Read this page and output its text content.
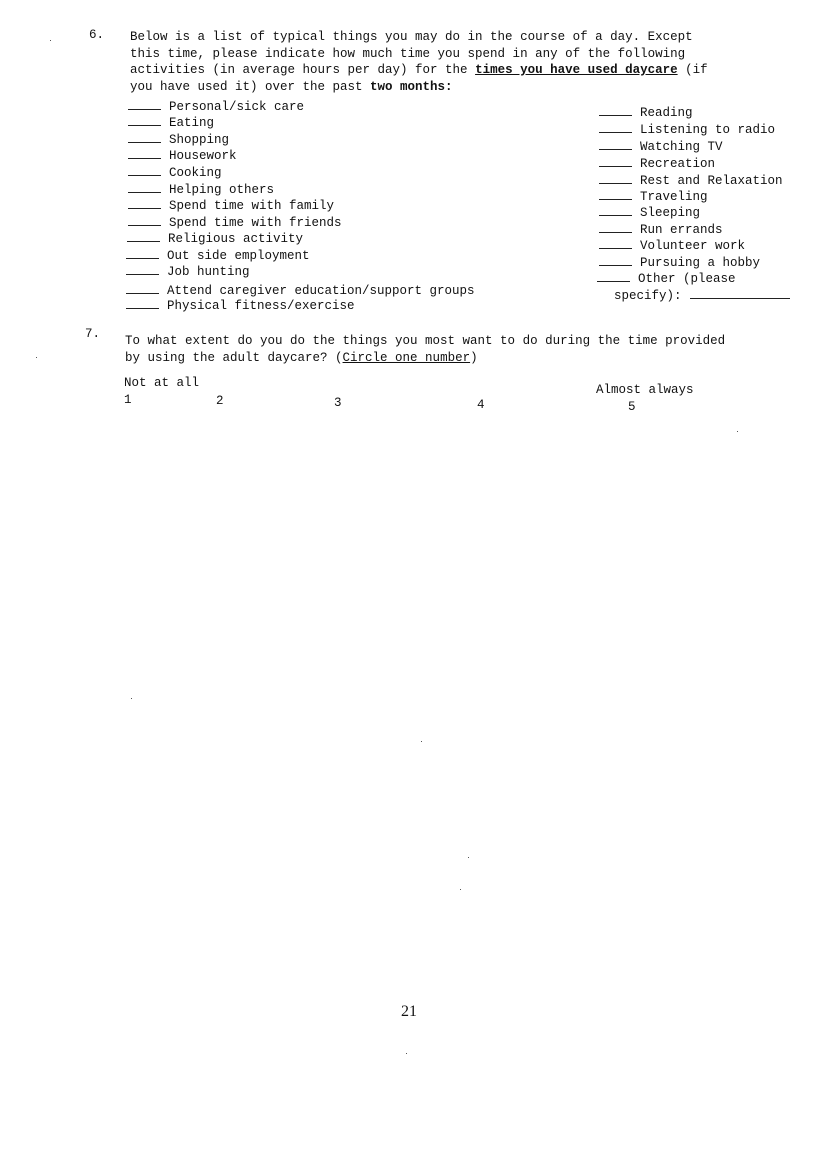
6. Below is a list of typical things you may do in the course of a day. Except
this time, please indicate how much time you spend in any of the following
activities (in average hours per day) for the times you have used daycare (if
you have used it) over the past two months:
Personal/sick care
Eating
Shopping
Housework
Cooking
Helping others
Spend time with family
Spend time with friends
Religious activity
Out side employment
Job hunting
Attend caregiver education/support groups
Physical fitness/exercise
Reading
Listening to radio
Watching TV
Recreation
Rest and Relaxation
Traveling
Sleeping
Run errands
Volunteer work
Pursuing a hobby
Other (please
specify):
7. To what extent do you do the things you most want to do during the time provided
by using the adult daycare? (Circle one number)
Not at all	Almost always
1	2	3	4	5
21
